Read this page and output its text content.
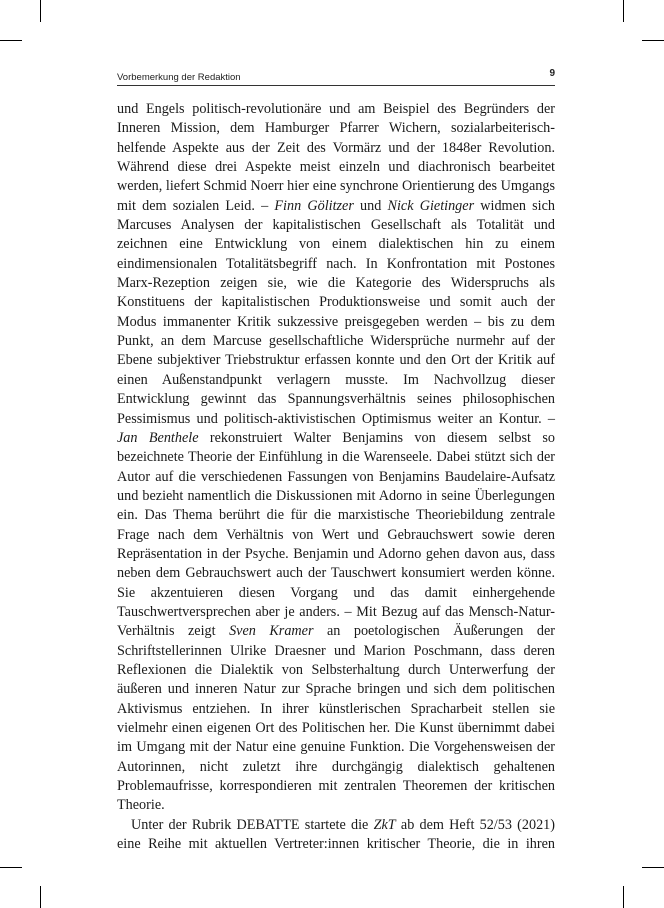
Vorbemerkung der Redaktion	9

und Engels politisch-revolutionäre und am Beispiel des Begründers der Inneren Mission, dem Hamburger Pfarrer Wichern, sozialarbeiterisch-helfende Aspekte aus der Zeit des Vormärz und der 1848er Revolution. Während diese drei Aspekte meist einzeln und diachronisch bearbeitet werden, liefert Schmid Noerr hier eine synchrone Orientierung des Umgangs mit dem sozialen Leid. – Finn Gölitzer und Nick Gietinger widmen sich Marcuses Analysen der kapitalistischen Gesellschaft als Totalität und zeichnen eine Entwicklung von einem dialektischen hin zu einem eindimensionalen Totalitätsbegriff nach. In Konfrontation mit Postones Marx-Rezeption zeigen sie, wie die Kategorie des Widerspruchs als Konstituens der kapitalistischen Produktionsweise und somit auch der Modus immanenter Kritik sukzessive preisgegeben werden – bis zu dem Punkt, an dem Marcuse gesellschaftliche Widersprüche nurmehr auf der Ebene subjektiver Triebstruktur erfassen konnte und den Ort der Kritik auf einen Außenstandpunkt verlagern musste. Im Nachvollzug dieser Entwicklung gewinnt das Spannungsverhältnis seines philosophischen Pessimismus und politisch-aktivistischen Optimismus weiter an Kontur. – Jan Benthele rekonstruiert Walter Benjamins von diesem selbst so bezeichnete Theorie der Einfühlung in die Warenseele. Dabei stützt sich der Autor auf die verschiedenen Fassungen von Benjamins Baudelaire-Aufsatz und bezieht namentlich die Diskussionen mit Adorno in seine Überlegungen ein. Das Thema berührt die für die marxistische Theoriebildung zentrale Frage nach dem Verhältnis von Wert und Gebrauchswert sowie deren Repräsentation in der Psyche. Benjamin und Adorno gehen davon aus, dass neben dem Gebrauchswert auch der Tauschwert konsumiert werden könne. Sie akzentuieren diesen Vorgang und das damit einhergehende Tauschwertversprechen aber je anders. – Mit Bezug auf das Mensch-Natur-Verhältnis zeigt Sven Kramer an poetologischen Äußerungen der Schriftstellerinnen Ulrike Draesner und Marion Poschmann, dass deren Reflexionen die Dialektik von Selbsterhaltung durch Unterwerfung der äußeren und inneren Natur zur Sprache bringen und sich dem politischen Aktivismus entziehen. In ihrer künstlerischen Spracharbeit stellen sie vielmehr einen eigenen Ort des Politischen her. Die Kunst übernimmt dabei im Umgang mit der Natur eine genuine Funktion. Die Vorgehensweisen der Autorinnen, nicht zuletzt ihre durchgängig dialektisch gehaltenen Problemaufrisse, korrespondieren mit zentralen Theoremen der kritischen Theorie.

Unter der Rubrik DEBATTE startete die ZkT ab dem Heft 52/53 (2021) eine Reihe mit aktuellen Vertreter:innen kritischer Theorie, die in ihren
